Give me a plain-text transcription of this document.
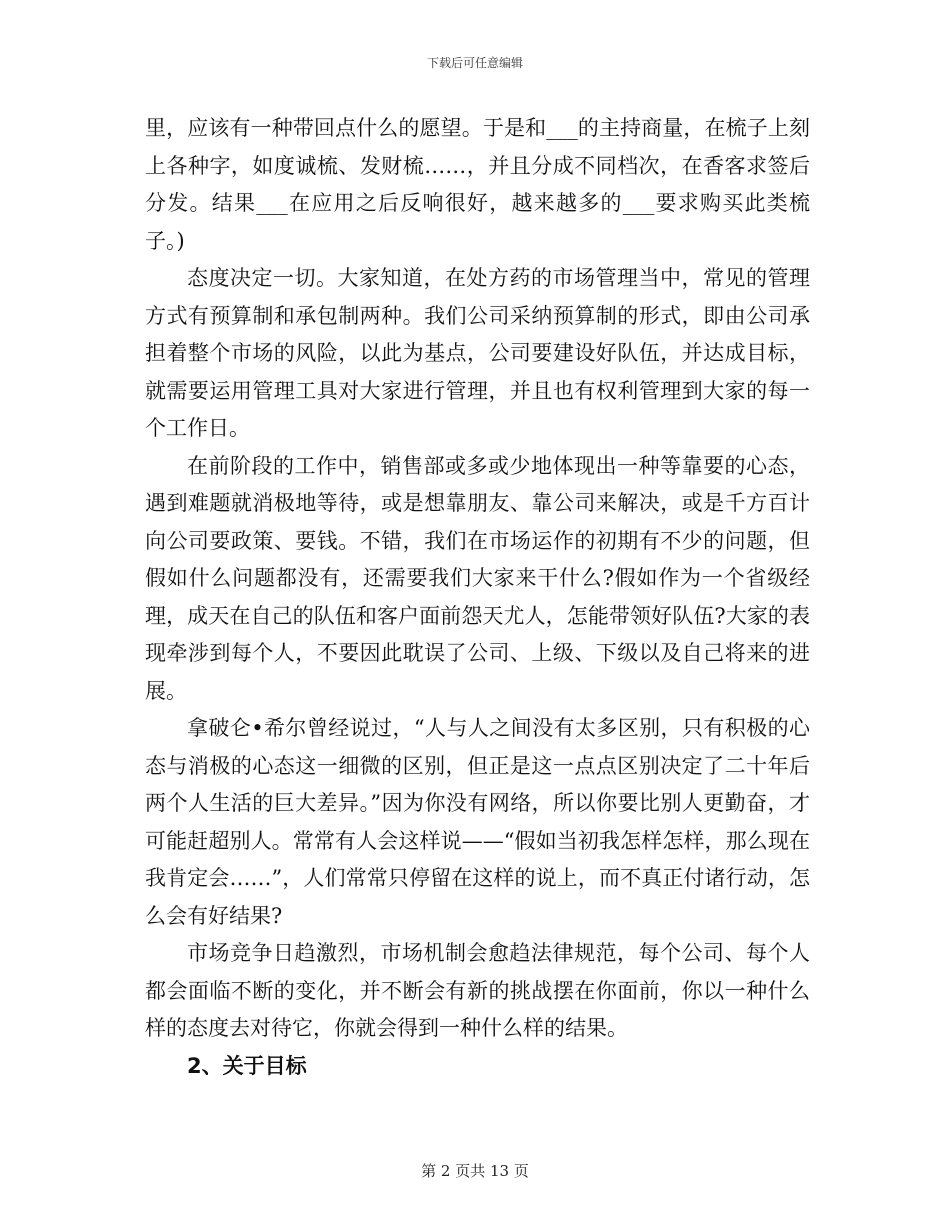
下载后可任意编辑

里，应该有一种带回点什么的愿望。于是和___的主持商量，在梳子上刻上各种字，如度诚梳、发财梳……，并且分成不同档次，在香客求签后分发。结果___在应用之后反响很好，越来越多的___要求购买此类梳子。)

态度决定一切。大家知道，在处方药的市场管理当中，常见的管理方式有预算制和承包制两种。我们公司采纳预算制的形式，即由公司承担着整个市场的风险，以此为基点，公司要建设好队伍，并达成目标，就需要运用管理工具对大家进行管理，并且也有权利管理到大家的每一个工作日。

在前阶段的工作中，销售部或多或少地体现出一种等靠要的心态，遇到难题就消极地等待，或是想靠朋友、靠公司来解决，或是千方百计向公司要政策、要钱。不错，我们在市场运作的初期有不少的问题，但假如什么问题都没有，还需要我们大家来干什么?假如作为一个省级经理，成天在自己的队伍和客户面前怨天尤人，怎能带领好队伍?大家的表现牵涉到每个人，不要因此耽误了公司、上级、下级以及自己将来的进展。

拿破仑•希尔曾经说过，“人与人之间没有太多区别，只有积极的心态与消极的心态这一细微的区别，但正是这一点点区别决定了二十年后两个人生活的巨大差异。”因为你没有网络，所以你要比别人更勤奋，才可能赶超别人。常常有人会这样说——“假如当初我怎样怎样，那么现在我肯定会……”，人们常常只停留在这样的说上，而不真正付诸行动，怎么会有好结果?

市场竞争日趋激烈，市场机制会愈趋法律规范，每个公司、每个人都会面临不断的变化，并不断会有新的挑战摆在你面前，你以一种什么样的态度去对待它，你就会得到一种什么样的结果。

2、关于目标

第 2 页共 13 页
